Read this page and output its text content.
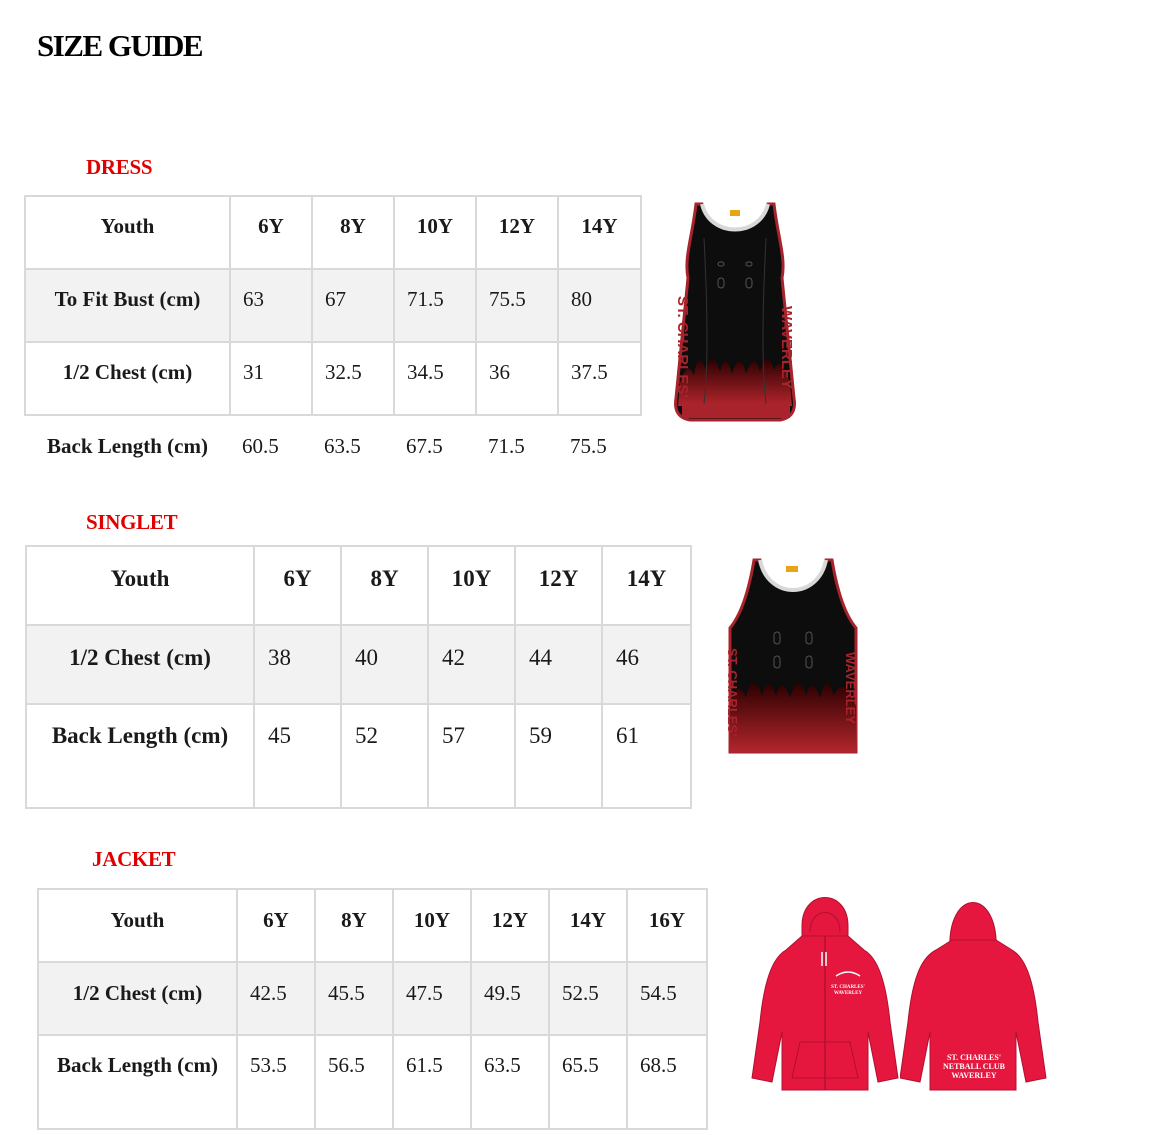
SIZE GUIDE
DRESS
Youth	6Y	8Y	10Y	12Y	14Y
To Fit Bust (cm)	63	67	71.5	75.5	80
1/2 Chest (cm)	31	32.5	34.5	36	37.5
Back Length (cm)	60.5	63.5	67.5	71.5	75.5
ST. CHARLES'	WAVERLEY
SINGLET
Youth	6Y	8Y	10Y	12Y	14Y
1/2 Chest (cm)	38	40	42	44	46
Back Length (cm)	45	52	57	59	61	ST. CHARLES'	WAVERLEY
JACKET
Youth	6Y	8Y	10Y	12Y	14Y	16Y
1/2 Chest (cm)	42.5	45.5	47.5	49.5	52.5	54.5
Back Length (cm)	53.5	56.5	61.5	63.5	65.5	68.5
ST. CHARLES'
WAVERLEY
ST. CHARLES'
NETBALL CLUB
WAVERLEY
